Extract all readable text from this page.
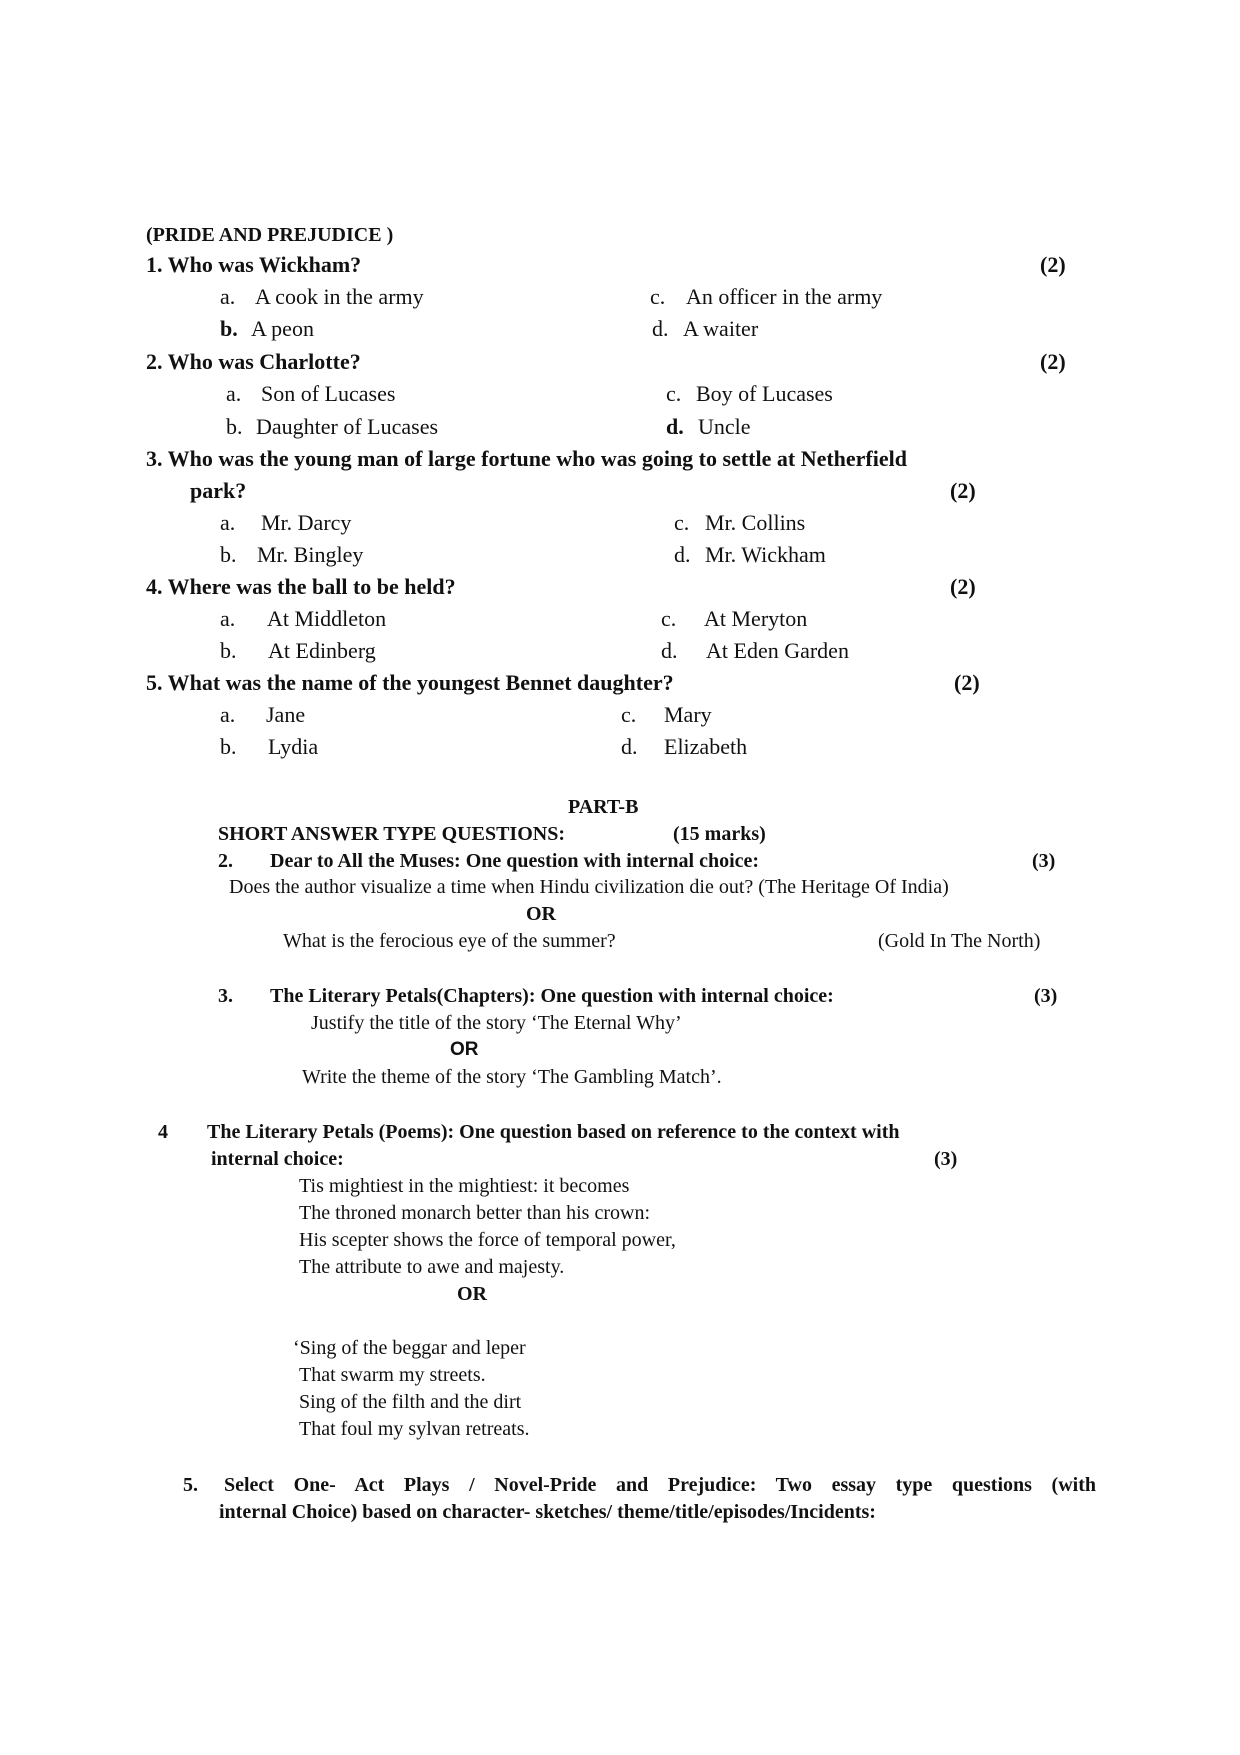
(PRIDE AND PREJUDICE )
1. Who was Wickham?	(2)
a. A cook in the army
b. A peon
c. An officer in the army
d. A waiter
2. Who was Charlotte?	(2)
a. Son of Lucases
b. Daughter of Lucases
c. Boy of Lucases
d. Uncle
3. Who was the young man of large fortune who was going to settle at Netherfield
park?	(2)
a. Mr. Darcy
b. Mr. Bingley
c. Mr. Collins
d. Mr. Wickham
4. Where was the ball to be held?	(2)
a. At Middleton
b. At Edinberg
c. At Meryton
d. At Eden Garden
5. What was the name of the youngest Bennet daughter?	(2)
a. Jane
b. Lydia
c. Mary
d. Elizabeth
PART-B
SHORT ANSWER TYPE QUESTIONS:	(15 marks)
2. Dear to All the Muses: One question with internal choice:	(3)
Does the author visualize a time when Hindu civilization die out? (The Heritage Of India)
OR
What is the ferocious eye of the summer?	(Gold In The North)
3. The Literary Petals(Chapters): One question with internal choice:	(3)
Justify the title of the story ‘The Eternal Why’
OR
Write the theme of the story ‘The Gambling Match’.
4 The Literary Petals (Poems): One question based on reference to the context with
internal choice:	(3)
Tis mightiest in the mightiest: it becomes
The throned monarch better than his crown:
His scepter shows the force of temporal power,
The attribute to awe and majesty.
OR
‘Sing of the beggar and leper
That swarm my streets.
Sing of the filth and the dirt
That foul my sylvan retreats.
5. Select One- Act Plays / Novel-Pride and Prejudice: Two essay type questions (with
internal Choice) based on character- sketches/ theme/title/episodes/Incidents:
